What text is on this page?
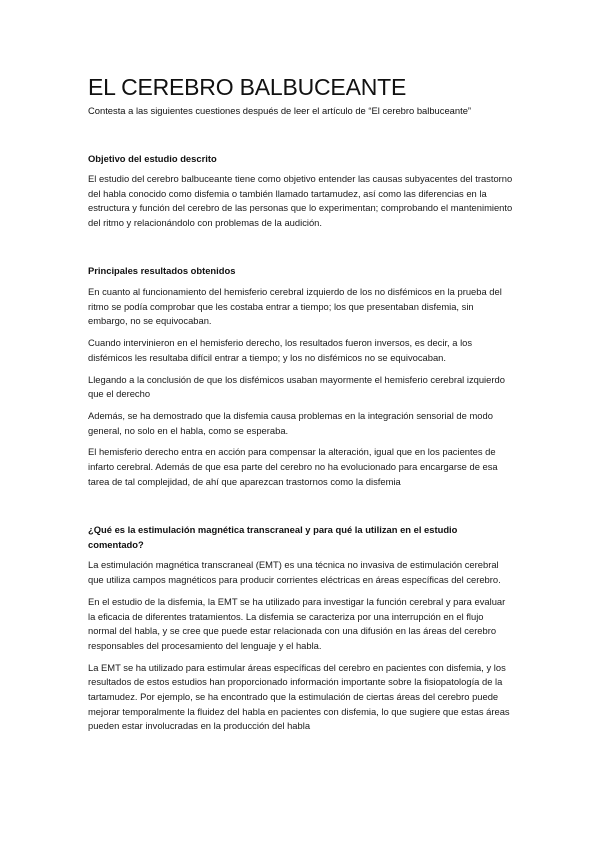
EL CEREBRO BALBUCEANTE
Contesta a las siguientes cuestiones después de leer el artículo de “El cerebro balbuceante”
Objetivo del estudio descrito

El estudio del cerebro balbuceante tiene como objetivo entender las causas subyacentes del trastorno del habla conocido como disfemia o también llamado tartamudez, así como las diferencias en la estructura y función del cerebro de las personas que lo experimentan; comprobando el mantenimiento del ritmo y relacionándolo con problemas de la audición.

Principales resultados obtenidos

En cuanto al funcionamiento del hemisferio cerebral izquierdo de los no disfémicos en la prueba del ritmo se podía comprobar que les costaba entrar a tiempo; los que presentaban disfemia, sin embargo, no se equivocaban.

Cuando intervinieron en el hemisferio derecho, los resultados fueron inversos, es decir, a los disfémicos les resultaba difícil entrar a tiempo; y los no disfémicos no se equivocaban.

Llegando a la conclusión de que los disfémicos usaban mayormente el hemisferio cerebral izquierdo que el derecho

Además, se ha demostrado que la disfemia causa problemas en la integración sensorial de modo general, no solo en el habla, como se esperaba.

El hemisferio derecho entra en acción para compensar la alteración, igual que en los pacientes de infarto cerebral. Además de que esa parte del cerebro no ha evolucionado para encargarse de esa tarea de tal complejidad, de ahí que aparezcan trastornos como la disfemia

¿Qué es la estimulación magnética transcraneal y para qué la utilizan en el estudio comentado?

La estimulación magnética transcraneal (EMT) es una técnica no invasiva de estimulación cerebral que utiliza campos magnéticos para producir corrientes eléctricas en áreas específicas del cerebro.

En el estudio de la disfemia, la EMT se ha utilizado para investigar la función cerebral y para evaluar la eficacia de diferentes tratamientos. La disfemia se caracteriza por una interrupción en el flujo normal del habla, y se cree que puede estar relacionada con una difusión en las áreas del cerebro responsables del procesamiento del lenguaje y el habla.

La EMT se ha utilizado para estimular áreas específicas del cerebro en pacientes con disfemia, y los resultados de estos estudios han proporcionado información importante sobre la fisiopatología de la tartamudez. Por ejemplo, se ha encontrado que la estimulación de ciertas áreas del cerebro puede mejorar temporalmente la fluidez del habla en pacientes con disfemia, lo que sugiere que estas áreas pueden estar involucradas en la producción del habla
